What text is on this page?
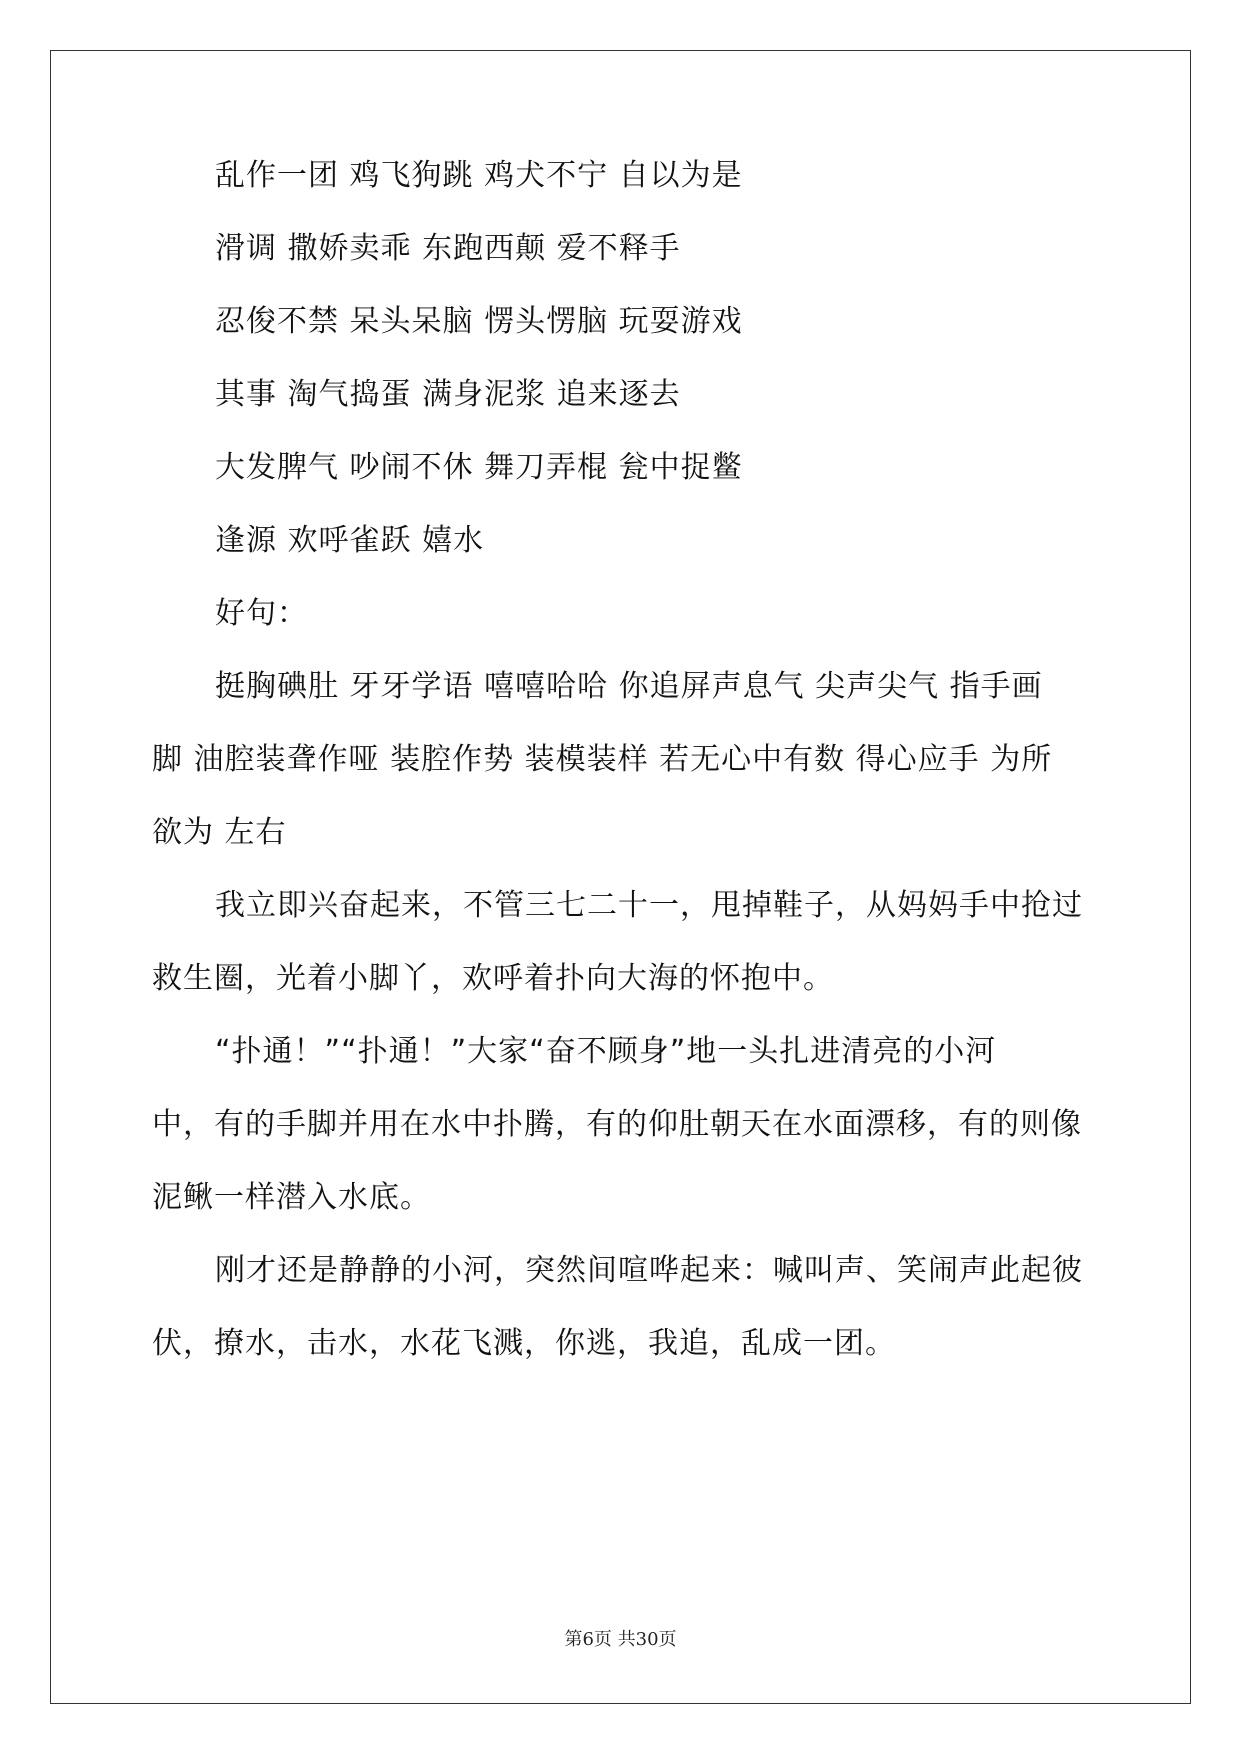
乱作一团 鸡飞狗跳 鸡犬不宁 自以为是
滑调 撒娇卖乖 东跑西颠 爱不释手
忍俊不禁 呆头呆脑 愣头愣脑 玩耍游戏
其事 淘气捣蛋 满身泥浆 追来逐去
大发脾气 吵闹不休 舞刀弄棍 瓮中捉鳖
逢源 欢呼雀跃 嬉水
好句：
挺胸碘肚 牙牙学语 嘻嘻哈哈 你追屏声息气 尖声尖气 指手画
脚 油腔装聋作哑 装腔作势 装模装样 若无心中有数 得心应手 为所
欲为 左右
我立即兴奋起来，不管三七二十一，甩掉鞋子，从妈妈手中抢过
救生圈，光着小脚丫，欢呼着扑向大海的怀抱中。
“扑通！”“扑通！”大家“奋不顾身”地一头扎进清亮的小河
中，有的手脚并用在水中扑腾，有的仰肚朝天在水面漂移，有的则像
泥鳅一样潜入水底。
刚才还是静静的小河，突然间喧哗起来：喊叫声、笑闹声此起彼
伏，撩水，击水，水花飞溅，你逃，我追，乱成一团。
第6页 共30页
